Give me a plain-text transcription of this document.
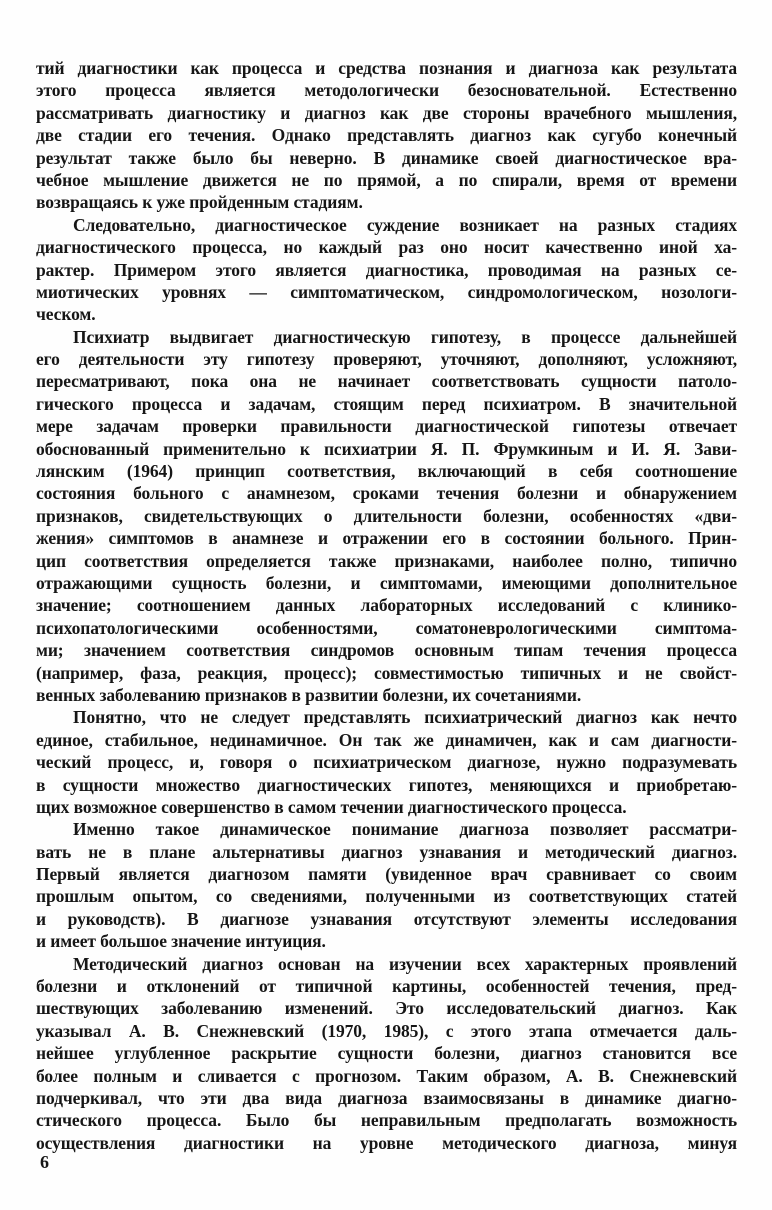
тий диагностики как процесса и средства познания и диагноза как результата
этого процесса является методологически безосновательной. Естественно
рассматривать диагностику и диагноз как две стороны врачебного мышления,
две стадии его течения. Однако представлять диагноз как сугубо конечный
результат также было бы неверно. В динамике своей диагностическое вра-
чебное мышление движется не по прямой, а по спирали, время от времени
возвращаясь к уже пройденным стадиям.
Следовательно, диагностическое суждение возникает на разных стадиях
диагностического процесса, но каждый раз оно носит качественно иной ха-
рактер. Примером этого является диагностика, проводимая на разных се-
миотических уровнях — симптоматическом, синдромологическом, нозологи-
ческом.
Психиатр выдвигает диагностическую гипотезу, в процессе дальнейшей
его деятельности эту гипотезу проверяют, уточняют, дополняют, усложняют,
пересматривают, пока она не начинает соответствовать сущности патоло-
гического процесса и задачам, стоящим перед психиатром. В значительной
мере задачам проверки правильности диагностической гипотезы отвечает
обоснованный применительно к психиатрии Я. П. Фрумкиным и И. Я. Зави-
лянским (1964) принцип соответствия, включающий в себя соотношение
состояния больного с анамнезом, сроками течения болезни и обнаружением
признаков, свидетельствующих о длительности болезни, особенностях «дви-
жения» симптомов в анамнезе и отражении его в состоянии больного. Прин-
цип соответствия определяется также признаками, наиболее полно, типично
отражающими сущность болезни, и симптомами, имеющими дополнительное
значение; соотношением данных лабораторных исследований с клинико-
психопатологическими особенностями, соматоневрологическими симптома-
ми; значением соответствия синдромов основным типам течения процесса
(например, фаза, реакция, процесс); совместимостью типичных и не свойст-
венных заболеванию признаков в развитии болезни, их сочетаниями.
Понятно, что не следует представлять психиатрический диагноз как нечто
единое, стабильное, нединамичное. Он так же динамичен, как и сам диагности-
ческий процесс, и, говоря о психиатрическом диагнозе, нужно подразумевать
в сущности множество диагностических гипотез, меняющихся и приобретаю-
щих возможное совершенство в самом течении диагностического процесса.
Именно такое динамическое понимание диагноза позволяет рассматри-
вать не в плане альтернативы диагноз узнавания и методический диагноз.
Первый является диагнозом памяти (увиденное врач сравнивает со своим
прошлым опытом, со сведениями, полученными из соответствующих статей
и руководств). В диагнозе узнавания отсутствуют элементы исследования
и имеет большое значение интуиция.
Методический диагноз основан на изучении всех характерных проявлений
болезни и отклонений от типичной картины, особенностей течения, пред-
шествующих заболеванию изменений. Это исследовательский диагноз. Как
указывал А. В. Снежневский (1970, 1985), с этого этапа отмечается даль-
нейшее углубленное раскрытие сущности болезни, диагноз становится все
более полным и сливается с прогнозом. Таким образом, А. В. Снежневский
подчеркивал, что эти два вида диагноза взаимосвязаны в динамике диагно-
стического процесса. Было бы неправильным предполагать возможность
осуществления диагностики на уровне методического диагноза, минуя
6
